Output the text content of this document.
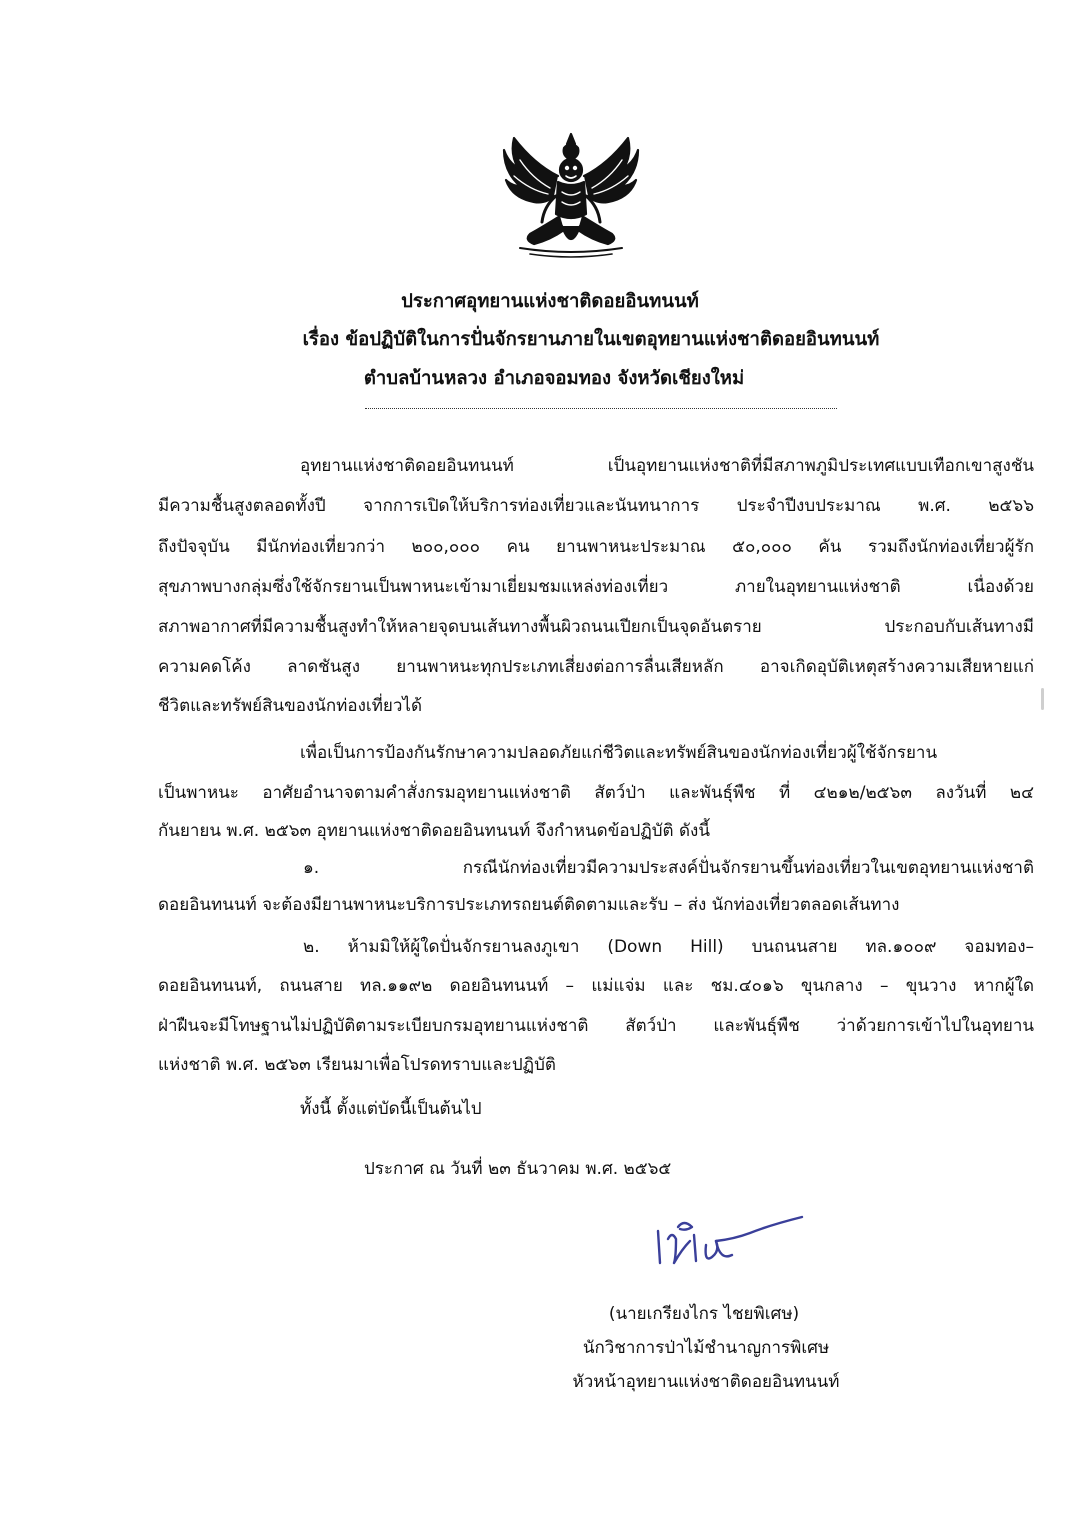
ประกาศอุทยานแห่งชาติดอยอินทนนท์
เรื่อง ข้อปฏิบัติในการปั่นจักรยานภายในเขตอุทยานแห่งชาติดอยอินทนนท์
ตำบลบ้านหลวง อำเภอจอมทอง จังหวัดเชียงใหม่
อุทยานแห่งชาติดอยอินทนนท์ เป็นอุทยานแห่งชาติที่มีสภาพภูมิประเทศแบบเทือกเขาสูงชัน
มีความชื้นสูงตลอดทั้งปี จากการเปิดให้บริการท่องเที่ยวและนันทนาการ ประจำปีงบประมาณ พ.ศ. ๒๕๖๖
ถึงปัจจุบัน มีนักท่องเที่ยวกว่า ๒๐๐,๐๐๐ คน ยานพาหนะประมาณ ๕๐,๐๐๐ คัน รวมถึงนักท่องเที่ยวผู้รัก
สุขภาพบางกลุ่มซึ่งใช้จักรยานเป็นพาหนะเข้ามาเยี่ยมชมแหล่งท่องเที่ยว ภายในอุทยานแห่งชาติ เนื่องด้วย
สภาพอากาศที่มีความชื้นสูงทำให้หลายจุดบนเส้นทางพื้นผิวถนนเปียกเป็นจุดอันตราย ประกอบกับเส้นทางมี
ความคดโค้ง ลาดชันสูง ยานพาหนะทุกประเภทเสี่ยงต่อการลื่นเสียหลัก อาจเกิดอุบัติเหตุสร้างความเสียหายแก่
ชีวิตและทรัพย์สินของนักท่องเที่ยวได้
เพื่อเป็นการป้องกันรักษาความปลอดภัยแก่ชีวิตและทรัพย์สินของนักท่องเที่ยวผู้ใช้จักรยาน
เป็นพาหนะ อาศัยอำนาจตามคำสั่งกรมอุทยานแห่งชาติ สัตว์ป่า และพันธุ์พืช ที่ ๔๒๑๒/๒๕๖๓ ลงวันที่ ๒๔
กันยายน พ.ศ. ๒๕๖๓ อุทยานแห่งชาติดอยอินทนนท์ จึงกำหนดข้อปฏิบัติ ดังนี้
๑. กรณีนักท่องเที่ยวมีความประสงค์ปั่นจักรยานขึ้นท่องเที่ยวในเขตอุทยานแห่งชาติ
ดอยอินทนนท์ จะต้องมียานพาหนะบริการประเภทรถยนต์ติดตามและรับ – ส่ง นักท่องเที่ยวตลอดเส้นทาง
๒. ห้ามมิให้ผู้ใดปั่นจักรยานลงภูเขา (Down Hill) บนถนนสาย ทล.๑๐๐๙ จอมทอง–
ดอยอินทนนท์, ถนนสาย ทล.๑๑๙๒ ดอยอินทนนท์ – แม่แจ่ม และ ชม.๔๐๑๖ ขุนกลาง – ขุนวาง หากผู้ใด
ฝ่าฝืนจะมีโทษฐานไม่ปฏิบัติตามระเบียบกรมอุทยานแห่งชาติ สัตว์ป่า และพันธุ์พืช ว่าด้วยการเข้าไปในอุทยาน
แห่งชาติ พ.ศ. ๒๕๖๓ เรียนมาเพื่อโปรดทราบและปฏิบัติ
ทั้งนี้ ตั้งแต่บัดนี้เป็นต้นไป
ประกาศ ณ วันที่ ๒๓ ธันวาคม พ.ศ. ๒๕๖๕
(นายเกรียงไกร ไชยพิเศษ)
นักวิชาการป่าไม้ชำนาญการพิเศษ
หัวหน้าอุทยานแห่งชาติดอยอินทนนท์
